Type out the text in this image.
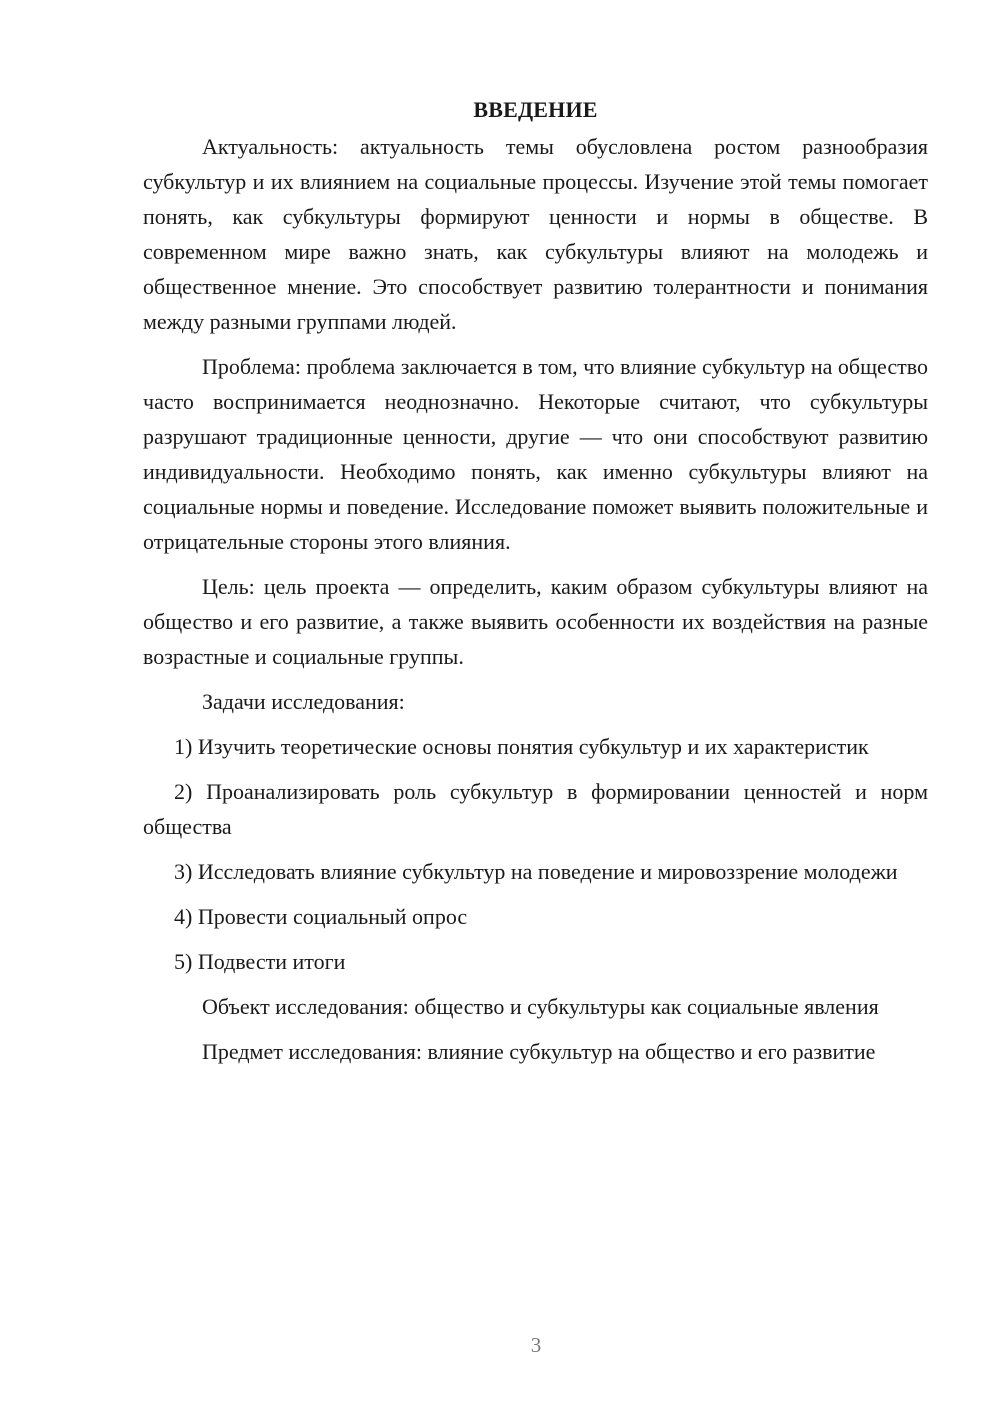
ВВЕДЕНИЕ

Актуальность: актуальность темы обусловлена ростом разнообразия субкультур и их влиянием на социальные процессы. Изучение этой темы помогает понять, как субкультуры формируют ценности и нормы в обществе. В современном мире важно знать, как субкультуры влияют на молодежь и общественное мнение. Это способствует развитию толерантности и понимания между разными группами людей.

Проблема: проблема заключается в том, что влияние субкультур на общество часто воспринимается неоднозначно. Некоторые считают, что субкультуры разрушают традиционные ценности, другие — что они способствуют развитию индивидуальности. Необходимо понять, как именно субкультуры влияют на социальные нормы и поведение. Исследование поможет выявить положительные и отрицательные стороны этого влияния.

Цель: цель проекта — определить, каким образом субкультуры влияют на общество и его развитие, а также выявить особенности их воздействия на разные возрастные и социальные группы.

Задачи исследования:

1) Изучить теоретические основы понятия субкультур и их характеристик

2) Проанализировать роль субкультур в формировании ценностей и норм общества

3) Исследовать влияние субкультур на поведение и мировоззрение молодежи

4) Провести социальный опрос

5) Подвести итоги

Объект исследования: общество и субкультуры как социальные явления

Предмет исследования: влияние субкультур на общество и его развитие

3
